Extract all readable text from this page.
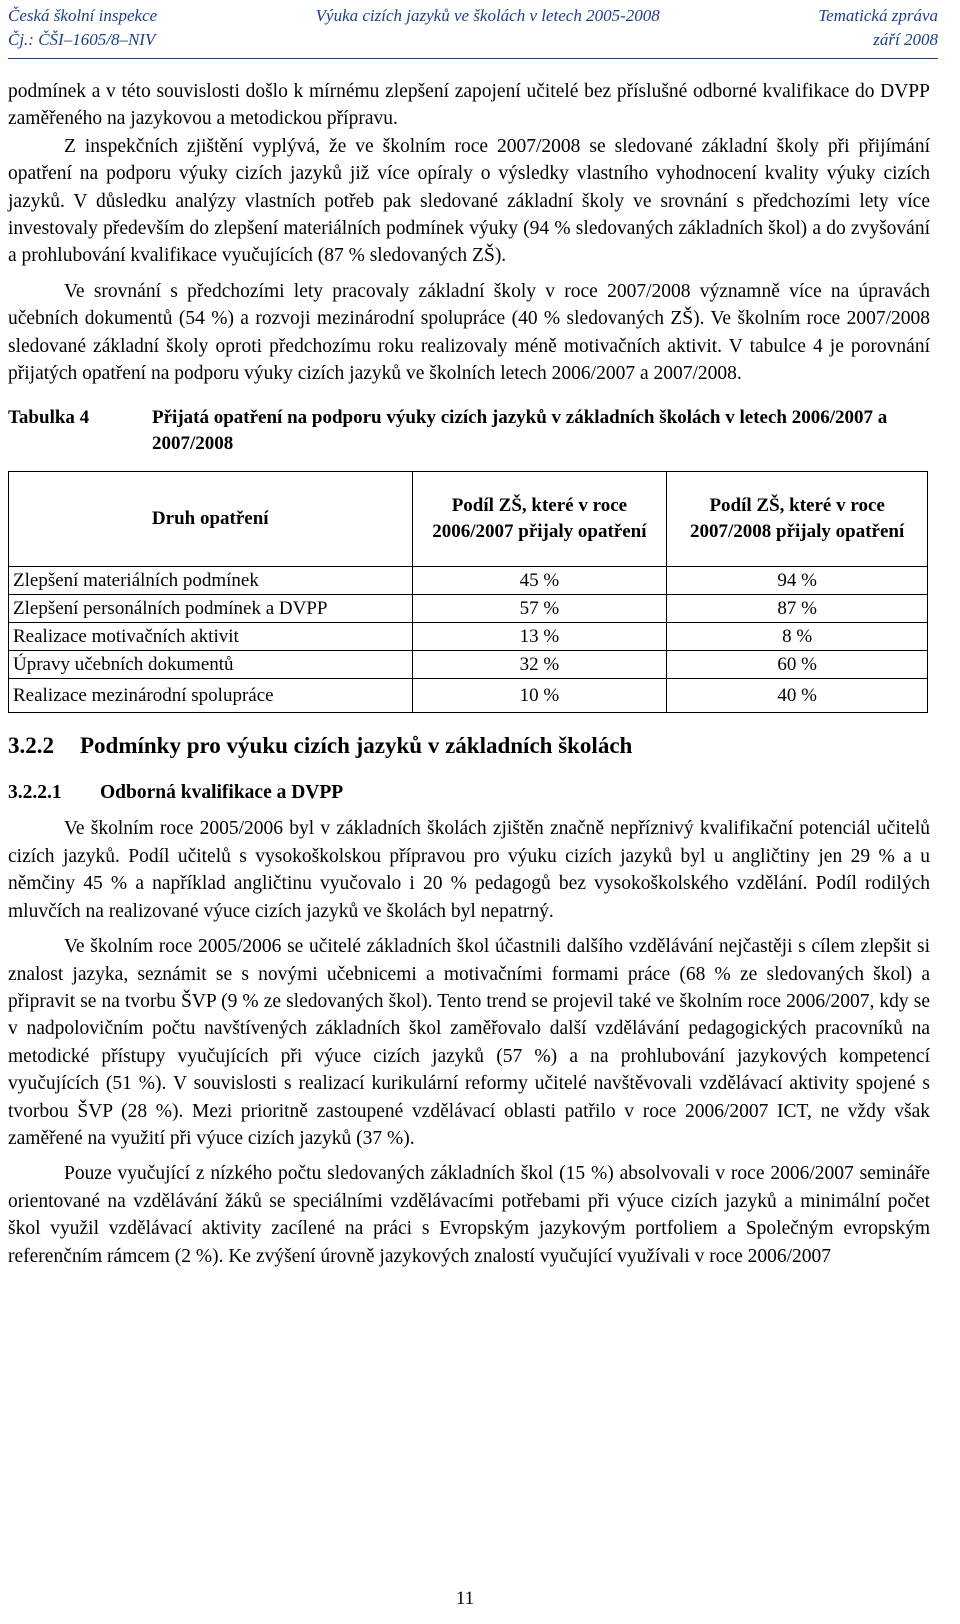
Česká školní inspekce	Výuka cizích jazyků ve školách v letech 2005-2008	Tematická zpráva
Čj.: ČŠI–1605/8–NIV	září 2008

podmínek a v této souvislosti došlo k mírnému zlepšení zapojení učitelé bez příslušné odborné kvalifikace do DVPP zaměřeného na jazykovou a metodickou přípravu.

Z inspekčních zjištění vyplývá, že ve školním roce 2007/2008 se sledované základní školy při přijímání opatření na podporu výuky cizích jazyků již více opíraly o výsledky vlastního vyhodnocení kvality výuky cizích jazyků. V důsledku analýzy vlastních potřeb pak sledované základní školy ve srovnání s předchozími lety více investovaly především do zlepšení materiálních podmínek výuky (94 % sledovaných základních škol) a do zvyšování a prohlubování kvalifikace vyučujících (87 % sledovaných ZŠ).

Ve srovnání s předchozími lety pracovaly základní školy v roce 2007/2008 významně více na úpravách učebních dokumentů (54 %) a rozvoji mezinárodní spolupráce (40 % sledovaných ZŠ). Ve školním roce 2007/2008 sledované základní školy oproti předchozímu roku realizovaly méně motivačních aktivit. V tabulce 4 je porovnání přijatých opatření na podporu výuky cizích jazyků ve školních letech 2006/2007 a 2007/2008.

Tabulka 4	Přijatá opatření na podporu výuky cizích jazyků v základních školách v letech 2006/2007 a 2007/2008
Druh opatření	Podíl ZŠ, které v roce 2006/2007 přijaly opatření	Podíl ZŠ, které v roce 2007/2008 přijaly opatření
Zlepšení materiálních podmínek	45 %	94 %
Zlepšení personálních podmínek a DVPP	57 %	87 %
Realizace motivačních aktivit	13 %	8 %
Úpravy učebních dokumentů	32 %	60 %
Realizace mezinárodní spolupráce	10 %	40 %
3.2.2 Podmínky pro výuku cizích jazyků v základních školách
3.2.2.1 Odborná kvalifikace a DVPP

Ve školním roce 2005/2006 byl v základních školách zjištěn značně nepříznivý kvalifikační potenciál učitelů cizích jazyků. Podíl učitelů s vysokoškolskou přípravou pro výuku cizích jazyků byl u angličtiny jen 29 % a u němčiny 45 % a například angličtinu vyučovalo i 20 % pedagogů bez vysokoškolského vzdělání. Podíl rodilých mluvčích na realizované výuce cizích jazyků ve školách byl nepatrný.

Ve školním roce 2005/2006 se učitelé základních škol účastnili dalšího vzdělávání nejčastěji s cílem zlepšit si znalost jazyka, seznámit se s novými učebnicemi a motivačními formami práce (68 % ze sledovaných škol) a připravit se na tvorbu ŠVP (9 % ze sledovaných škol). Tento trend se projevil také ve školním roce 2006/2007, kdy se v nadpolovičním počtu navštívených základních škol zaměřovalo další vzdělávání pedagogických pracovníků na metodické přístupy vyučujících při výuce cizích jazyků (57 %) a na prohlubování jazykových kompetencí vyučujících (51 %). V souvislosti s realizací kurikulární reformy učitelé navštěvovali vzdělávací aktivity spojené s tvorbou ŠVP (28 %). Mezi prioritně zastoupené vzdělávací oblasti patřilo v roce 2006/2007 ICT, ne vždy však zaměřené na využití při výuce cizích jazyků (37 %).

Pouze vyučující z nízkého počtu sledovaných základních škol (15 %) absolvovali v roce 2006/2007 semináře orientované na vzdělávání žáků se speciálními vzdělávacími potřebami při výuce cizích jazyků a minimální počet škol využil vzdělávací aktivity zacílené na práci s Evropským jazykovým portfoliem a Společným evropským referenčním rámcem (2 %). Ke zvýšení úrovně jazykových znalostí vyučující využívali v roce 2006/2007

11
